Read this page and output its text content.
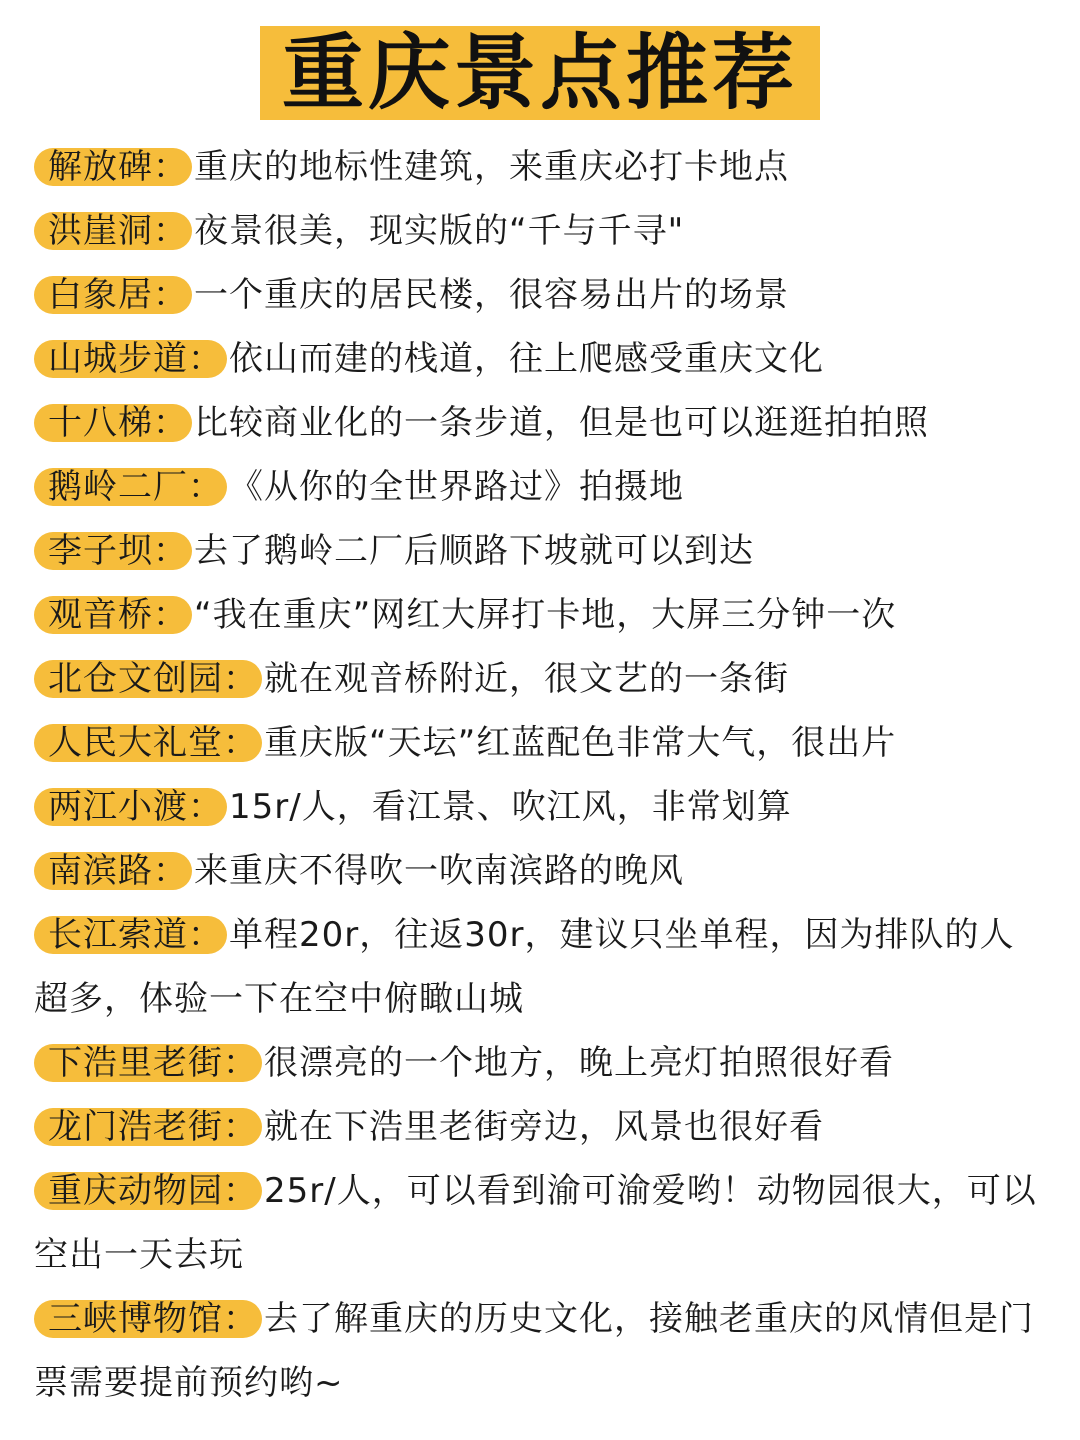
重庆景点推荐
解放碑： 重庆的地标性建筑，来重庆必打卡地点
洪崖洞： 夜景很美，现实版的“千与千寻"
白象居： 一个重庆的居民楼，很容易出片的场景
山城步道： 依山而建的栈道，往上爬感受重庆文化
十八梯： 比较商业化的一条步道，但是也可以逛逛拍拍照
鹅岭二厂： 《从你的全世界路过》拍摄地
李子坝： 去了鹅岭二厂后顺路下坡就可以到达
观音桥： “我在重庆”网红大屏打卡地，大屏三分钟一次
北仓文创园： 就在观音桥附近，很文艺的一条街
人民大礼堂： 重庆版“天坛”红蓝配色非常大气，很出片
两江小渡： 15r/人，看江景、吹江风，非常划算
南滨路： 来重庆不得吹一吹南滨路的晚风
长江索道： 单程20r，往返30r，建议只坐单程，因为排队的人超多，体验一下在空中俯瞰山城
下浩里老街： 很漂亮的一个地方，晚上亮灯拍照很好看
龙门浩老街： 就在下浩里老街旁边，风景也很好看
重庆动物园： 25r/人，可以看到渝可渝爱哟！动物园很大，可以空出一天去玩
三峡博物馆： 去了解重庆的历史文化，接触老重庆的风情但是门票需要提前预约哟~
